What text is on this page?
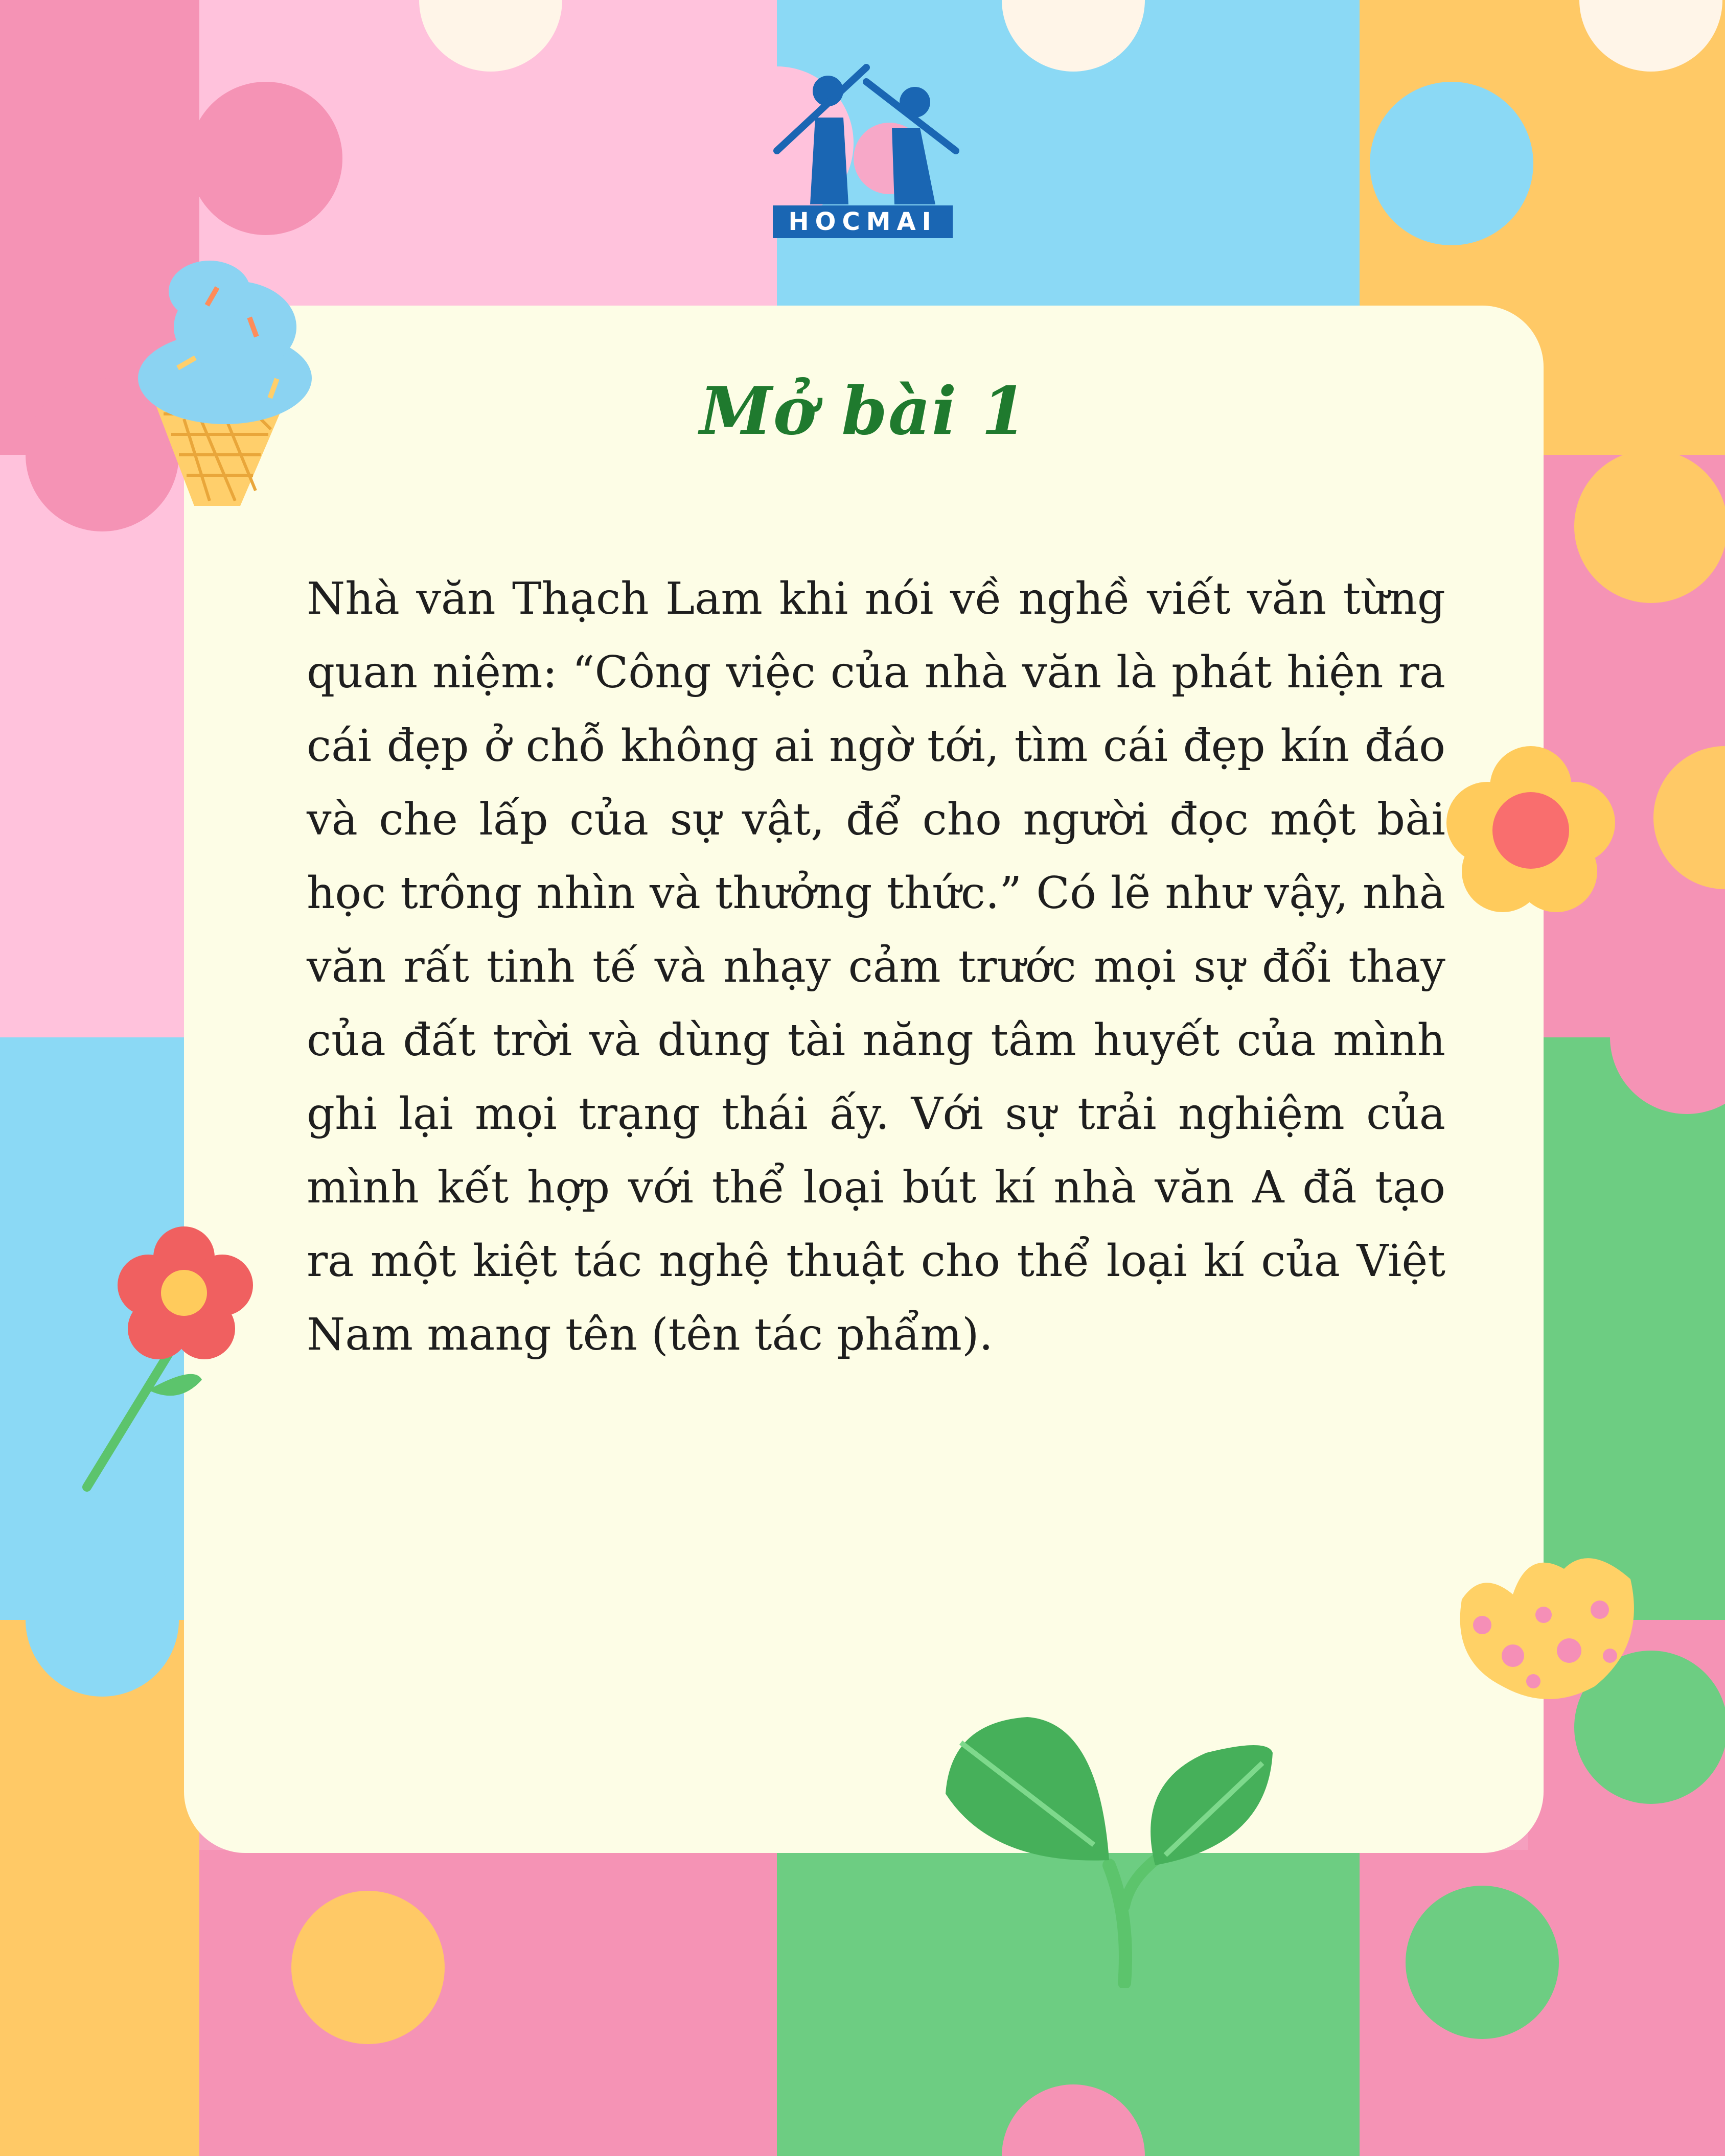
HOCMAI
Mở bài 1
Nhà văn Thạch Lam khi nói về nghề viết văn từng quan niệm: “Công việc của nhà văn là phát hiện ra cái đẹp ở chỗ không ai ngờ tới, tìm cái đẹp kín đáo và che lấp của sự vật, để cho người đọc một bài học trông nhìn và thưởng thức.” Có lẽ như vậy, nhà văn rất tinh tế và nhạy cảm trước mọi sự đổi thay của đất trời và dùng tài năng tâm huyết của mình ghi lại mọi trạng thái ấy. Với sự trải nghiệm của mình kết hợp với thể loại bút kí nhà văn A đã tạo ra một kiệt tác nghệ thuật cho thể loại kí của Việt Nam mang tên (tên tác phẩm).
